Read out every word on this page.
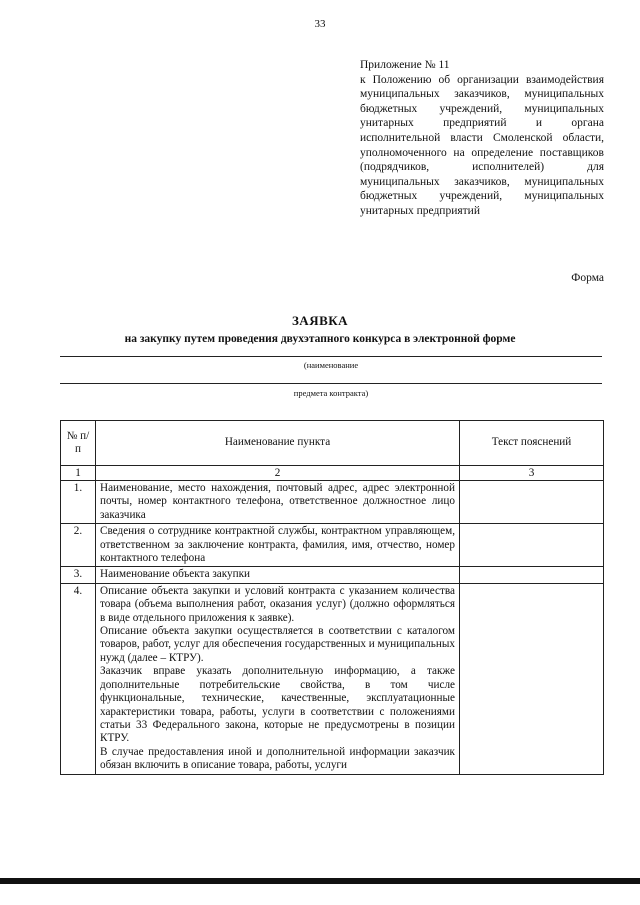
33
Приложение № 11
к Положению об организации взаимодействия муниципальных заказчиков, муниципальных бюджетных учреждений, муниципальных унитарных предприятий и органа исполнительной власти Смоленской области, уполномоченного на определение поставщиков (подрядчиков, исполнителей) для муниципальных заказчиков, муниципальных бюджетных учреждений, муниципальных унитарных предприятий
Форма
ЗАЯВКА
на закупку путем проведения двухэтапного конкурса в электронной форме
(наименование
предмета контракта)
№ п/п	Наименование пункта	Текст пояснений
1	2	3
1.	Наименование, место нахождения, почтовый адрес, адрес электронной почты, номер контактного телефона, ответственное должностное лицо заказчика	
2.	Сведения о сотруднике контрактной службы, контрактном управляющем, ответственном за заключение контракта, фамилия, имя, отчество, номер контактного телефона	
3.	Наименование объекта закупки	
4.	Описание объекта закупки и условий контракта с указанием количества товара (объема выполнения работ, оказания услуг) (должно оформляться в виде отдельного приложения к заявке).
Описание объекта закупки осуществляется в соответствии с каталогом товаров, работ, услуг для обеспечения государственных и муниципальных нужд (далее – КТРУ).
Заказчик вправе указать дополнительную информацию, а также дополнительные потребительские свойства, в том числе функциональные, технические, качественные, эксплуатационные характеристики товара, работы, услуги в соответствии с положениями статьи 33 Федерального закона, которые не предусмотрены в позиции КТРУ.
В случае предоставления иной и дополнительной информации заказчик обязан включить в описание товара, работы, услуги	
